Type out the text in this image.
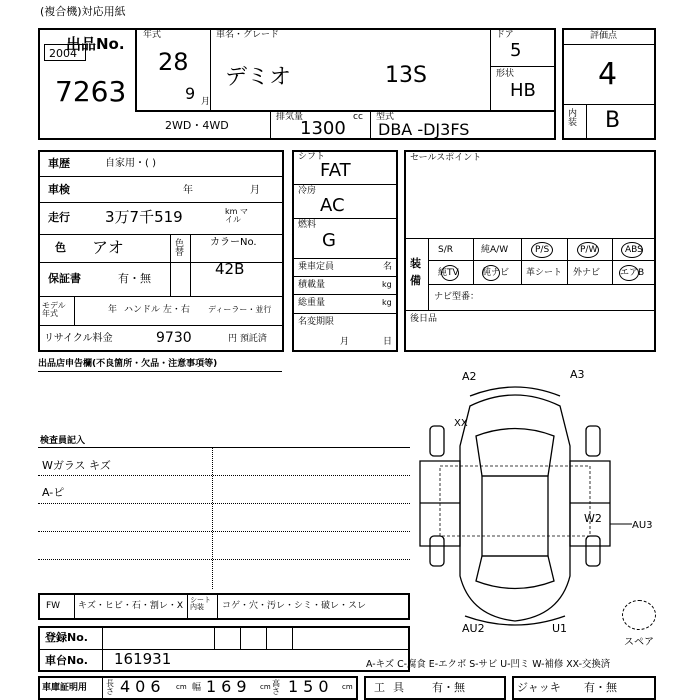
(複合機)対応用紙
出品No.
2004
7263
年式
28
9 月
車名・グレード
デミオ	13S
ドア
5
形状
HB
2WD・4WD
排気量
1300
cc 型式
DBA -DJ3FS
評価点
4
内装 B
車歴	自家用・( )
車検	年	月
走行 3万7千519	km マイル
色 アオ	色替
カラーNo.
42B
保証書	有・無
モデル年式	年 ハンドル 左・右 ディーラー・並行
リサイクル料金	9730	円 預託済
シフト
FAT
冷房
AC
燃料
G
乗車定員	名
積載量	kg
総重量	kg
名変期限
月日
セールスポイント
装備
S/R	純A/W	P/S	P/W	ABS
純TV	純ナビ 革シート 外ナビ エアB
ナビ型番：
後日品
出品店申告欄(不良箇所・欠品・注意事項等)
検査員記入
Wガラス キズ
A-ピ
A2	A3
XX
W2
AU3
AU2	U1
スペア
FW キズ・ヒビ・石・割レ・X
シート内装	コゲ・穴・汚レ・シミ・破レ・スレ
登録No.
車台No. 161931
車庫証明用 長さ 406 cm 幅 169 cm 高さ 150 cm
A-キズ C-腐食 E-エクボ S-サビ U-凹ミ W-補修 XX-交換済
工具 有・無	ジャッキ 有・無
